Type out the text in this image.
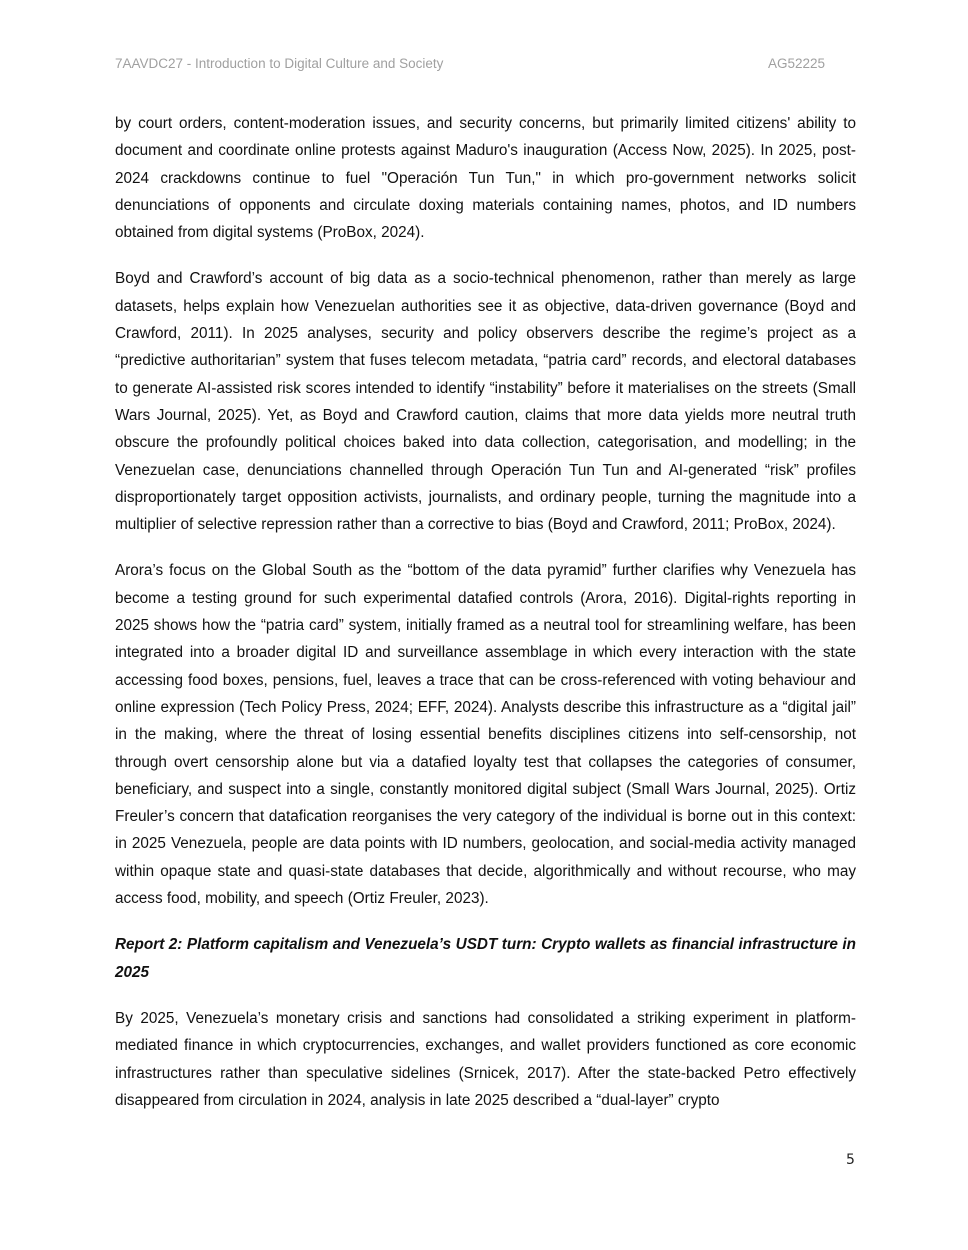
7AAVDC27 - Introduction to Digital Culture and Society	AG52225

by court orders, content-moderation issues, and security concerns, but primarily limited citizens' ability to document and coordinate online protests against Maduro's inauguration (Access Now, 2025). In 2025, post-2024 crackdowns continue to fuel "Operación Tun Tun," in which pro-government networks solicit denunciations of opponents and circulate doxing materials containing names, photos, and ID numbers obtained from digital systems (ProBox, 2024).

Boyd and Crawford’s account of big data as a socio-technical phenomenon, rather than merely as large datasets, helps explain how Venezuelan authorities see it as objective, data-driven governance (Boyd and Crawford, 2011). In 2025 analyses, security and policy observers describe the regime’s project as a “predictive authoritarian” system that fuses telecom metadata, “patria card” records, and electoral databases to generate AI-assisted risk scores intended to identify “instability” before it materialises on the streets (Small Wars Journal, 2025). Yet, as Boyd and Crawford caution, claims that more data yields more neutral truth obscure the profoundly political choices baked into data collection, categorisation, and modelling; in the Venezuelan case, denunciations channelled through Operación Tun Tun and AI-generated “risk” profiles disproportionately target opposition activists, journalists, and ordinary people, turning the magnitude into a multiplier of selective repression rather than a corrective to bias (Boyd and Crawford, 2011; ProBox, 2024).

Arora’s focus on the Global South as the “bottom of the data pyramid” further clarifies why Venezuela has become a testing ground for such experimental datafied controls (Arora, 2016). Digital-rights reporting in 2025 shows how the “patria card” system, initially framed as a neutral tool for streamlining welfare, has been integrated into a broader digital ID and surveillance assemblage in which every interaction with the state accessing food boxes, pensions, fuel, leaves a trace that can be cross-referenced with voting behaviour and online expression (Tech Policy Press, 2024; EFF, 2024). Analysts describe this infrastructure as a “digital jail” in the making, where the threat of losing essential benefits disciplines citizens into self-censorship, not through overt censorship alone but via a datafied loyalty test that collapses the categories of consumer, beneficiary, and suspect into a single, constantly monitored digital subject (Small Wars Journal, 2025). Ortiz Freuler’s concern that datafication reorganises the very category of the individual is borne out in this context: in 2025 Venezuela, people are data points with ID numbers, geolocation, and social-media activity managed within opaque state and quasi-state databases that decide, algorithmically and without recourse, who may access food, mobility, and speech (Ortiz Freuler, 2023).

Report 2: Platform capitalism and Venezuela’s USDT turn: Crypto wallets as financial infrastructure in 2025

By 2025, Venezuela’s monetary crisis and sanctions had consolidated a striking experiment in platform-mediated finance in which cryptocurrencies, exchanges, and wallet providers functioned as core economic infrastructures rather than speculative sidelines (Srnicek, 2017). After the state-backed Petro effectively disappeared from circulation in 2024, analysis in late 2025 described a “dual-layer” crypto

5
